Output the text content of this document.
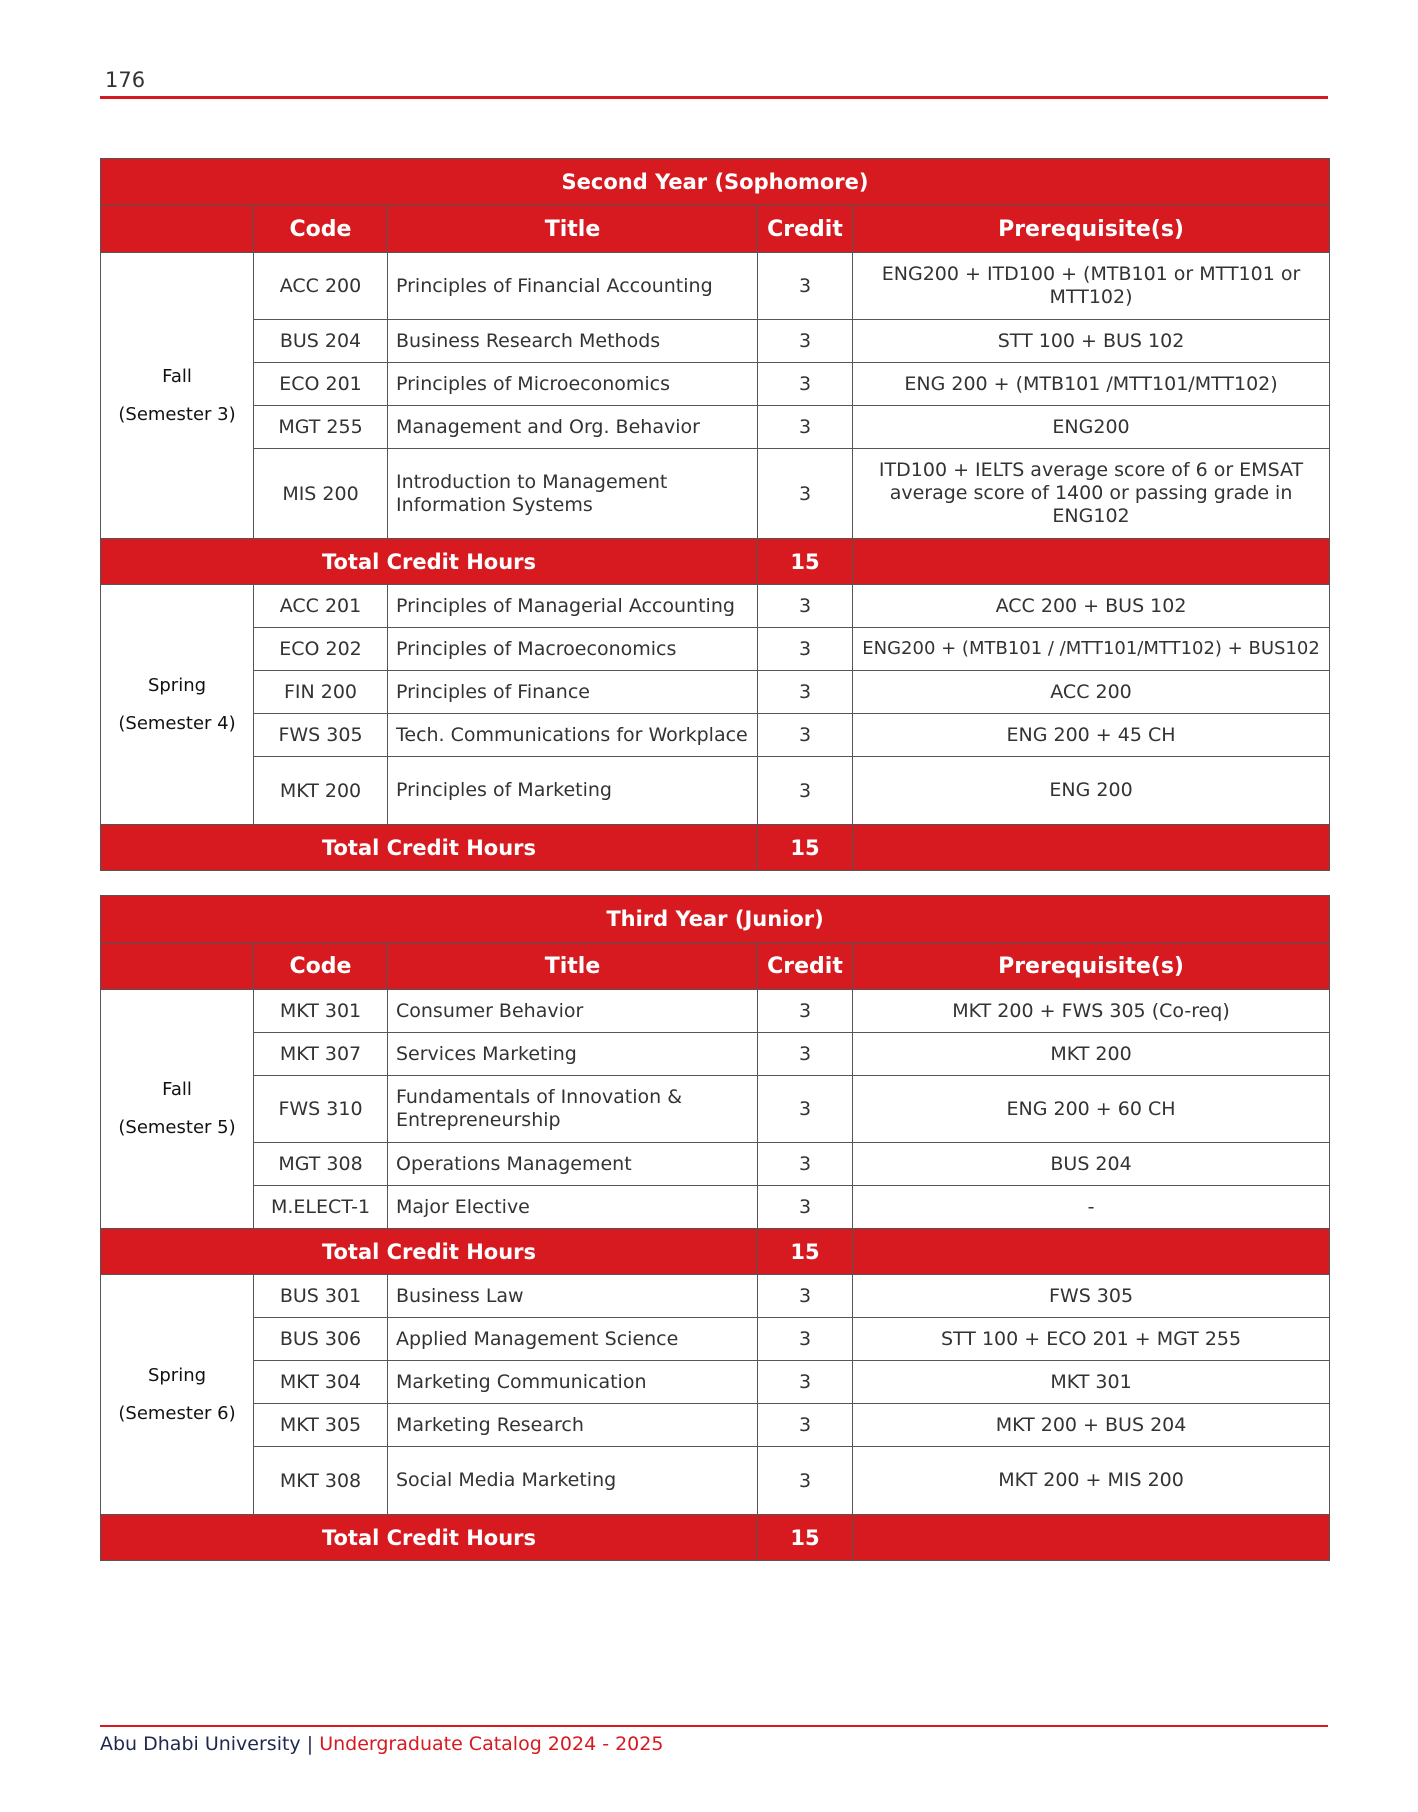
176
Second Year (Sophomore)				
	Code	Title	Credit	Prerequisite(s)

Fall
(Semester 3)	ACC 200	Principles of Financial Accounting	3	ENG200 + ITD100 + (MTB101 or MTT101 or MTT102)
	BUS 204	Business Research Methods	3	STT 100 + BUS 102
	ECO 201	Principles of Microeconomics	3	ENG 200 + (MTB101 /MTT101/MTT102)
	MGT 255	Management and Org. Behavior	3	ENG200
	MIS 200	Introduction to Management Information Systems	3	ITD100 + IELTS average score of 6 or EMSAT average score of 1400 or passing grade in ENG102
Total Credit Hours			15	

Spring
(Semester 4)	ACC 201	Principles of Managerial Accounting	3	ACC 200 + BUS 102
	ECO 202	Principles of Macroeconomics	3	ENG200 + (MTB101 / /MTT101/MTT102) + BUS102
	FIN 200	Principles of Finance	3	ACC 200
	FWS 305	Tech. Communications for Workplace	3	ENG 200 + 45 CH
	MKT 200	Principles of Marketing	3	ENG 200
Total Credit Hours			15	
Third Year (Junior)				
	Code	Title	Credit	Prerequisite(s)

Fall
(Semester 5)	MKT 301	Consumer Behavior	3	MKT 200 + FWS 305 (Co-req)
	MKT 307	Services Marketing	3	MKT 200
	FWS 310	Fundamentals of Innovation & Entrepreneurship	3	ENG 200 + 60 CH
	MGT 308	Operations Management	3	BUS 204
	M.ELECT-1	Major Elective	3	-
Total Credit Hours			15	

Spring
(Semester 6)	BUS 301	Business Law	3	FWS 305
	BUS 306	Applied Management Science	3	STT 100 + ECO 201 + MGT 255
	MKT 304	Marketing Communication	3	MKT 301
	MKT 305	Marketing Research	3	MKT 200 + BUS 204
	MKT 308	Social Media Marketing	3	MKT 200 + MIS 200
Total Credit Hours			15	
Abu Dhabi University | Undergraduate Catalog 2024 - 2025
